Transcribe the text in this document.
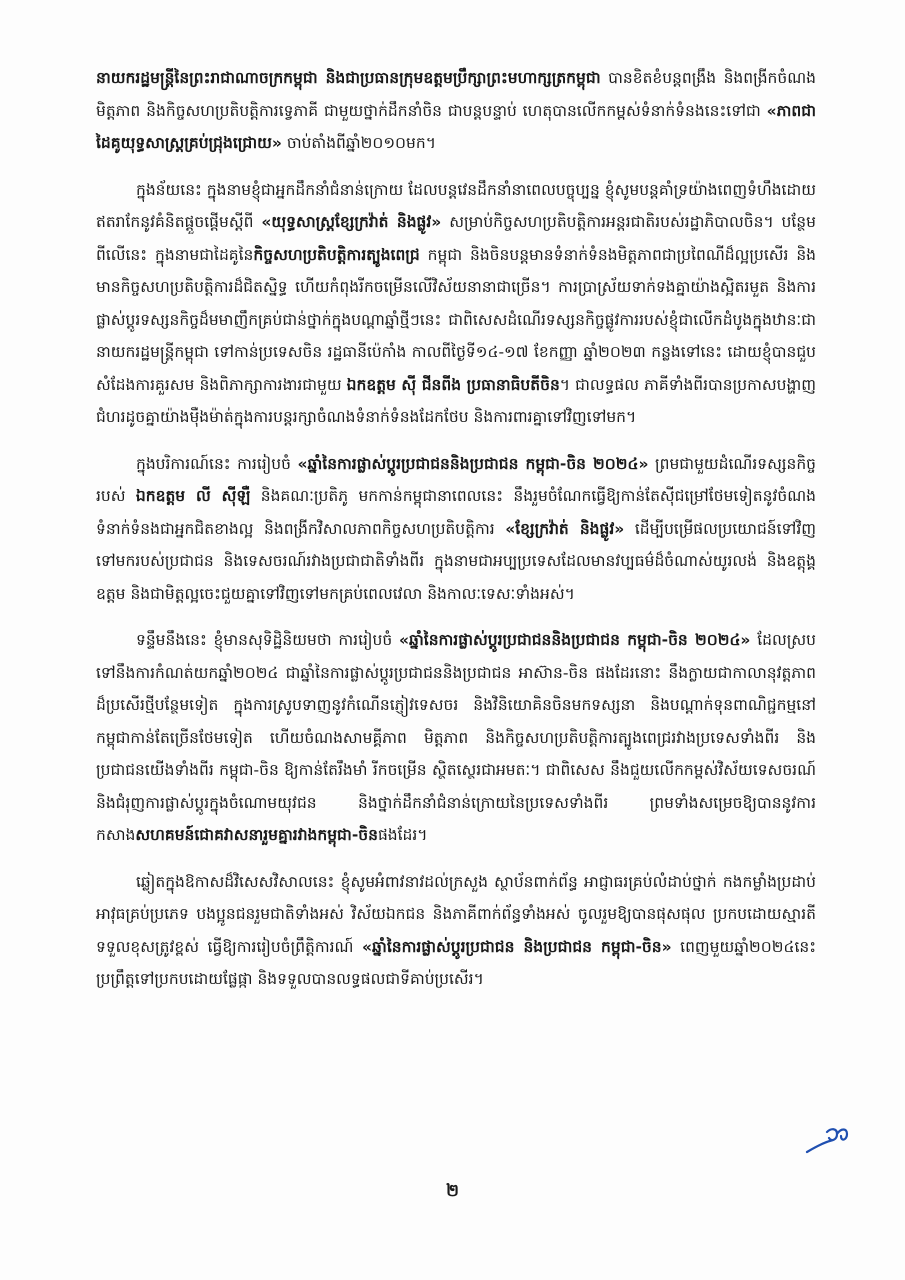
នាយករដ្ឋមន្ត្រីនៃព្រះរាជាណាចក្រកម្ពុជា និងជាប្រធានក្រុមឧត្តមប្រឹក្សាព្រះមហាក្សត្រកម្ពុជា បានខិតខំបន្តពង្រឹង និងពង្រីកចំណងមិត្តភាព និងកិច្ចសហប្រតិបត្តិការទ្វេភាគី ជាមួយថ្នាក់ដឹកនាំចិន ជាបន្តបន្ទាប់ ហេតុបានលើកកម្ពស់ទំនាក់ទំនងនេះទៅជា «ភាពជាដៃគូយុទ្ធសាស្ត្រគ្រប់ជ្រុងជ្រោយ» ចាប់តាំងពីឆ្នាំ២០១០មក។

ក្នុងន័យនេះ ក្នុងនាមខ្ញុំជាអ្នកដឹកនាំជំនាន់ក្រោយ ដែលបន្តវេនដឹកនាំនាពេលបច្ចុប្បន្ន ខ្ញុំសូមបន្តគាំទ្រយ៉ាងពេញទំហឹងដោយឥតរាកែនូវគំនិតផ្តួចផ្តើមស្តីពី «យុទ្ធសាស្ត្រខ្សែក្រវ៉ាត់ និងផ្លូវ» សម្រាប់កិច្ចសហប្រតិបត្តិការអន្តរជាតិរបស់រដ្ឋាភិបាលចិន។ បន្ថែមពីលើនេះ ក្នុងនាមជាដៃគូនៃកិច្ចសហប្រតិបត្តិការត្បូងពេជ្រ កម្ពុជា និងចិនបន្តមានទំនាក់ទំនងមិត្តភាពជាប្រពៃណីដ៏ល្អប្រសើរ និងមានកិច្ចសហប្រតិបត្តិការដ៏ជិតស្និទ្ធ ហើយកំពុងរីកចម្រើនលើវិស័យនានាជាច្រើន។ ការប្រាស្រ័យទាក់ទងគ្នាយ៉ាងស្អិតរមួត និងការផ្លាស់ប្តូរទស្សនកិច្ចដ៏មមាញឹកគ្រប់ជាន់ថ្នាក់ក្នុងបណ្តាឆ្នាំថ្មីៗនេះ ជាពិសេសដំណើរទស្សនកិច្ចផ្លូវការរបស់ខ្ញុំជាលើកដំបូងក្នុងឋានៈជានាយករដ្ឋមន្ត្រីកម្ពុជា ទៅកាន់ប្រទេសចិន រដ្ឋធានីប៉េកាំង កាលពីថ្ងៃទី១៤-១៧ ខែកញ្ញា ឆ្នាំ២០២៣ កន្លងទៅនេះ ដោយខ្ញុំបានជួបសំដែងការគួរសម និងពិភាក្សាការងារជាមួយ ឯកឧត្តម ស៊ី ជីនពីង ប្រធានាធិបតីចិន។ ជាលទ្ធផល ភាគីទាំងពីរបានប្រកាសបង្ហាញជំហរដូចគ្នាយ៉ាងម៉ឺងម៉ាត់ក្នុងការបន្តរក្សាចំណងទំនាក់ទំនងដែកថែប និងការពារគ្នាទៅវិញទៅមក។

ក្នុងបរិការណ៍នេះ ការរៀបចំ «ឆ្នាំនៃការផ្លាស់ប្តូរប្រជាជននិងប្រជាជន កម្ពុជា-ចិន ២០២៤» ព្រមជាមួយដំណើរទស្សនកិច្ចរបស់ ឯកឧត្តម លី ស៊ីឡឺ និងគណៈប្រតិភូ មកកាន់កម្ពុជានាពេលនេះ នឹងរួមចំណែកធ្វើឱ្យកាន់តែស៊ីជម្រៅថែមទៀតនូវចំណងទំនាក់ទំនងជាអ្នកជិតខាងល្អ និងពង្រីកវិសាលភាពកិច្ចសហប្រតិបត្តិការ «ខ្សែក្រវ៉ាត់ និងផ្លូវ» ដើម្បីបម្រើផលប្រយោជន៍ទៅវិញទៅមករបស់ប្រជាជន និងទេសចរណ៍រវាងប្រជាជាតិទាំងពីរ ក្នុងនាមជាអប្បប្រទេសដែលមានវប្បធម៌ដ៏ចំណាស់យូរលង់ និងឧត្តុង្គឧត្តម និងជាមិត្តល្អចេះជួយគ្នាទៅវិញទៅមកគ្រប់ពេលវេលា និងកាលៈទេសៈទាំងអស់។

ទន្ទឹមនឹងនេះ ខ្ញុំមានសុទិដ្ឋិនិយមថា ការរៀបចំ «ឆ្នាំនៃការផ្លាស់ប្តូរប្រជាជននិងប្រជាជន កម្ពុជា-ចិន ២០២៤» ដែលស្របទៅនឹងការកំណត់យកឆ្នាំ២០២៤ ជាឆ្នាំនៃការផ្លាស់ប្តូរប្រជាជននិងប្រជាជន អាស៊ាន-ចិន ផងដែរនោះ នឹងក្លាយជាកាលានុវត្តភាពដ៏ប្រសើរថ្មីបន្ថែមទៀត ក្នុងការស្រូបទាញនូវកំណើនភ្ញៀវទេសចរ និងវិនិយោគិនចិនមកទស្សនា និងបណ្តាក់ទុនពាណិជ្ជកម្មនៅកម្ពុជាកាន់តែច្រើនថែមទៀត ហើយចំណងសាមគ្គីភាព មិត្តភាព និងកិច្ចសហប្រតិបត្តិការត្បូងពេជ្ររវាងប្រទេសទាំងពីរ និងប្រជាជនយើងទាំងពីរ កម្ពុជា-ចិន ឱ្យកាន់តែរឹងមាំ រីកចម្រើន ស្ថិតស្ថេរជាអមតៈ។ ជាពិសេស នឹងជួយលើកកម្ពស់វិស័យទេសចរណ៍ និងជំរុញការផ្លាស់ប្តូរក្នុងចំណោមយុវជន និងថ្នាក់ដឹកនាំជំនាន់ក្រោយនៃប្រទេសទាំងពីរ ព្រមទាំងសម្រេចឱ្យបាននូវការកសាងសហគមន៍ជោគវាសនារួមគ្នារវាងកម្ពុជា-ចិនផងដែរ។

ឆ្លៀតក្នុងឱកាសដ៏វិសេសវិសាលនេះ ខ្ញុំសូមអំពាវនាវដល់ក្រសួង ស្ថាប័នពាក់ព័ន្ធ អាជ្ញាធរគ្រប់លំដាប់ថ្នាក់ កងកម្លាំងប្រដាប់អាវុធគ្រប់ប្រភេទ បងប្អូនជនរួមជាតិទាំងអស់ វិស័យឯកជន និងភាគីពាក់ព័ន្ធទាំងអស់ ចូលរួមឱ្យបានផុសផុល ប្រកបដោយស្មារតីទទួលខុសត្រូវខ្ពស់ ធ្វើឱ្យការរៀបចំព្រឹត្តិការណ៍ «ឆ្នាំនៃការផ្លាស់ប្តូរប្រជាជន និងប្រជាជន កម្ពុជា-ចិន» ពេញមួយឆ្នាំ២០២៤នេះ ប្រព្រឹត្តទៅប្រកបដោយផ្លែផ្កា និងទទួលបានលទ្ធផលជាទីគាប់ប្រសើរ។

២
